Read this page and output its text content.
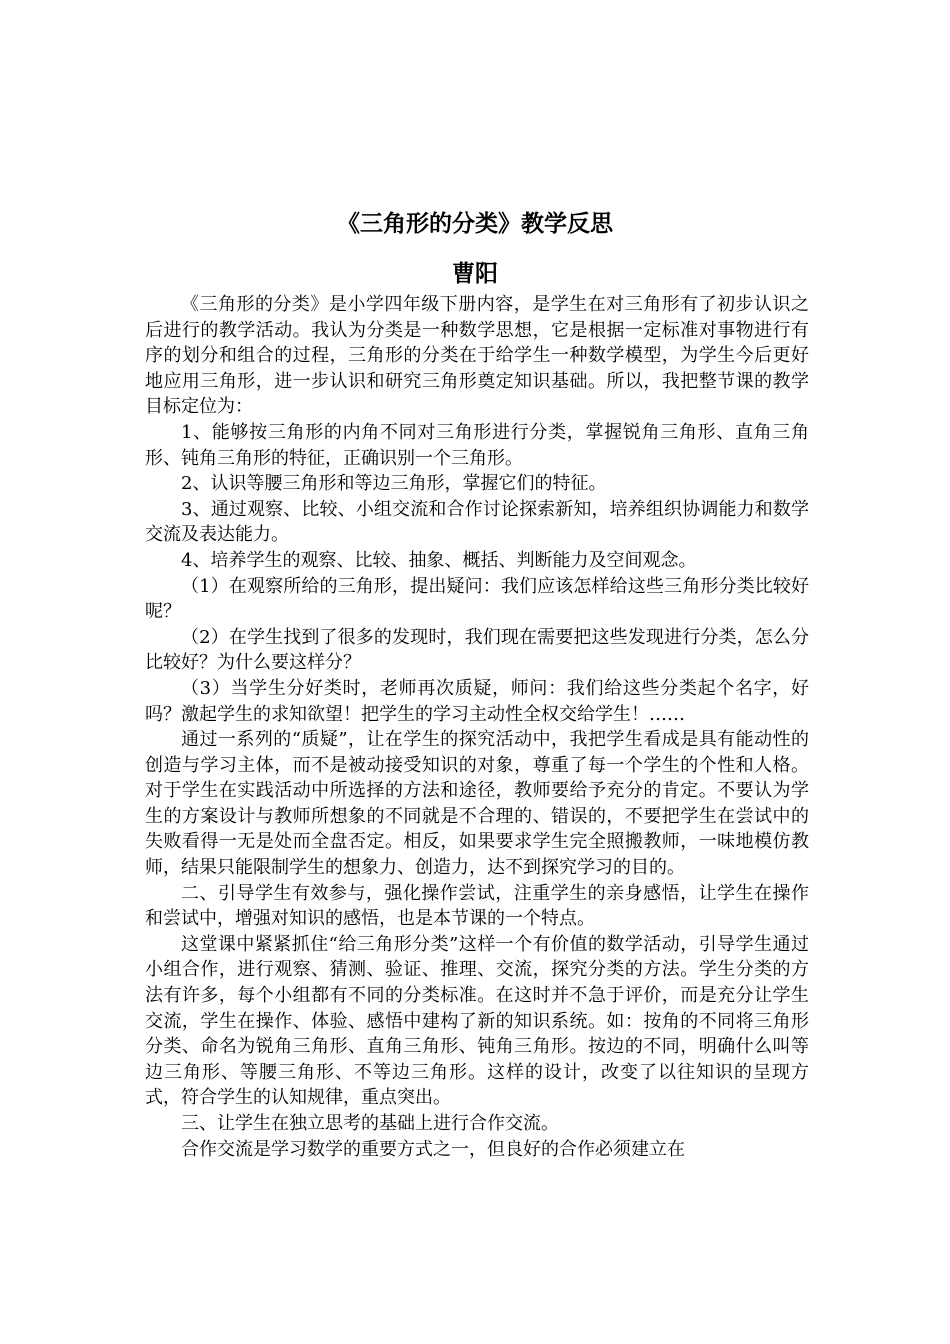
《三角形的分类》教学反思
曹阳

《三角形的分类》是小学四年级下册内容，是学生在对三角形有了初步认识之后进行的教学活动。我认为分类是一种数学思想，它是根据一定标准对事物进行有序的划分和组合的过程，三角形的分类在于给学生一种数学模型，为学生今后更好地应用三角形，进一步认识和研究三角形奠定知识基础。所以，我把整节课的教学目标定位为：

1、能够按三角形的内角不同对三角形进行分类，掌握锐角三角形、直角三角形、钝角三角形的特征，正确识别一个三角形。

2、认识等腰三角形和等边三角形，掌握它们的特征。

3、通过观察、比较、小组交流和合作讨论探索新知，培养组织协调能力和数学交流及表达能力。

4、培养学生的观察、比较、抽象、概括、判断能力及空间观念。

（1）在观察所给的三角形，提出疑问：我们应该怎样给这些三角形分类比较好呢？

（2）在学生找到了很多的发现时，我们现在需要把这些发现进行分类，怎么分比较好？为什么要这样分？

（3）当学生分好类时，老师再次质疑，师问：我们给这些分类起个名字，好吗？激起学生的求知欲望！把学生的学习主动性全权交给学生！……

通过一系列的“质疑”，让在学生的探究活动中，我把学生看成是具有能动性的创造与学习主体，而不是被动接受知识的对象，尊重了每一个学生的个性和人格。对于学生在实践活动中所选择的方法和途径，教师要给予充分的肯定。不要认为学生的方案设计与教师所想象的不同就是不合理的、错误的，不要把学生在尝试中的失败看得一无是处而全盘否定。相反，如果要求学生完全照搬教师，一味地模仿教师，结果只能限制学生的想象力、创造力，达不到探究学习的目的。

二、引导学生有效参与，强化操作尝试，注重学生的亲身感悟，让学生在操作和尝试中，增强对知识的感悟，也是本节课的一个特点。

这堂课中紧紧抓住“给三角形分类”这样一个有价值的数学活动，引导学生通过小组合作，进行观察、猜测、验证、推理、交流，探究分类的方法。学生分类的方法有许多，每个小组都有不同的分类标准。在这时并不急于评价，而是充分让学生交流，学生在操作、体验、感悟中建构了新的知识系统。如：按角的不同将三角形分类、命名为锐角三角形、直角三角形、钝角三角形。按边的不同，明确什么叫等边三角形、等腰三角形、不等边三角形。这样的设计，改变了以往知识的呈现方式，符合学生的认知规律，重点突出。

三、让学生在独立思考的基础上进行合作交流。

合作交流是学习数学的重要方式之一，但良好的合作必须建立在
